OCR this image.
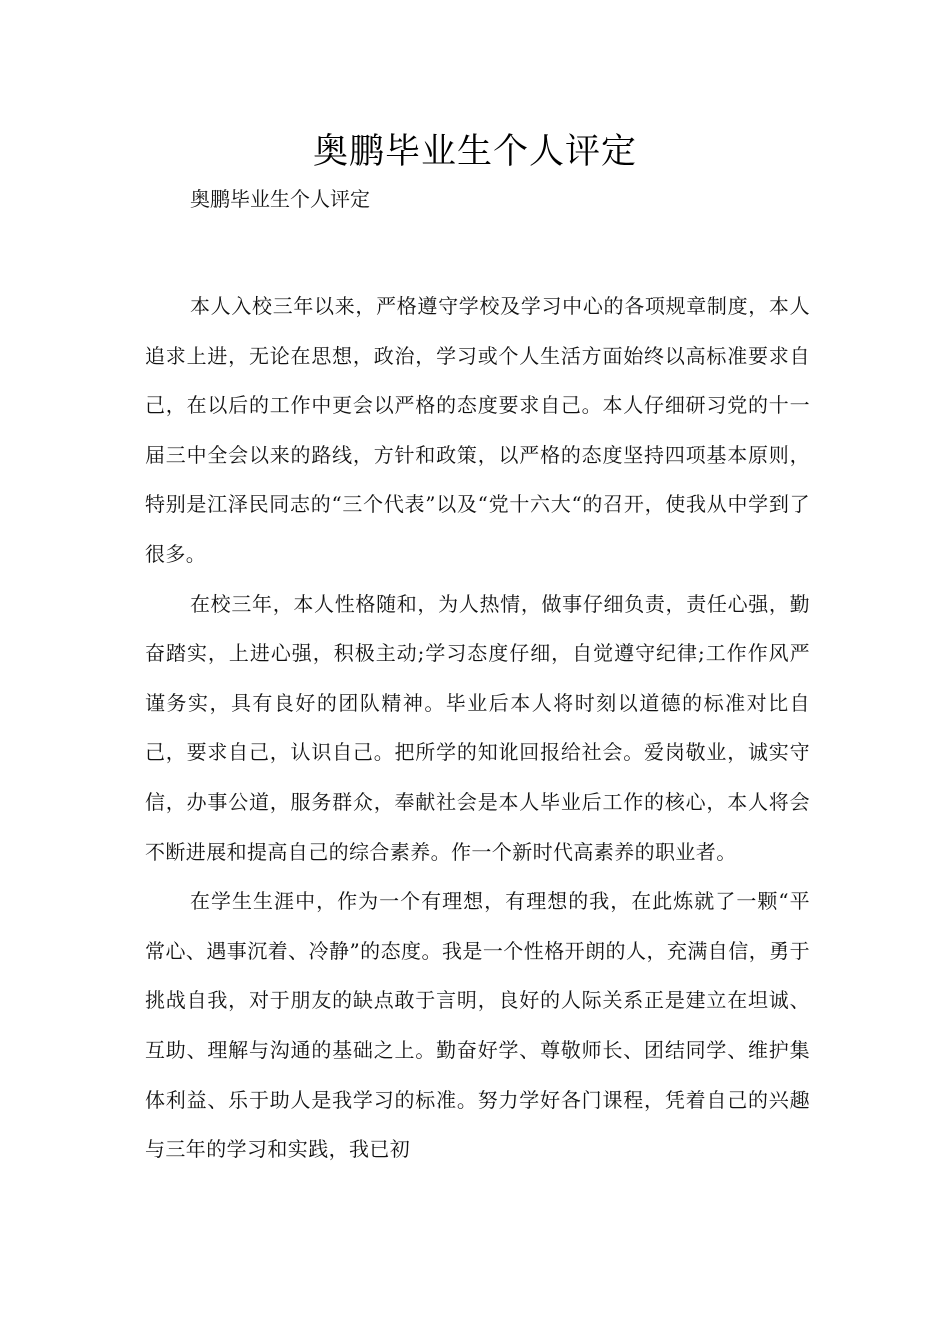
奥鹏毕业生个人评定

奥鹏毕业生个人评定

本人入校三年以来，严格遵守学校及学习中心的各项规章制度，本人追求上进，无论在思想，政治，学习或个人生活方面始终以高标准要求自己，在以后的工作中更会以严格的态度要求自己。本人仔细研习党的十一届三中全会以来的路线，方针和政策，以严格的态度坚持四项基本原则，特别是江泽民同志的“三个代表”以及“党十六大“的召开，使我从中学到了很多。

在校三年，本人性格随和，为人热情，做事仔细负责，责任心强，勤奋踏实，上进心强，积极主动;学习态度仔细，自觉遵守纪律;工作作风严谨务实，具有良好的团队精神。毕业后本人将时刻以道德的标准对比自己，要求自己，认识自己。把所学的知讹回报给社会。爱岗敬业，诚实守信，办事公道，服务群众，奉献社会是本人毕业后工作的核心，本人将会不断进展和提高自己的综合素养。作一个新时代高素养的职业者。

在学生生涯中，作为一个有理想，有理想的我，在此炼就了一颗“平常心、遇事沉着、冷静”的态度。我是一个性格开朗的人，充满自信，勇于挑战自我，对于朋友的缺点敢于言明，良好的人际关系正是建立在坦诚、互助、理解与沟通的基础之上。勤奋好学、尊敬师长、团结同学、维护集体利益、乐于助人是我学习的标准。努力学好各门课程，凭着自己的兴趣与三年的学习和实践，我已初
